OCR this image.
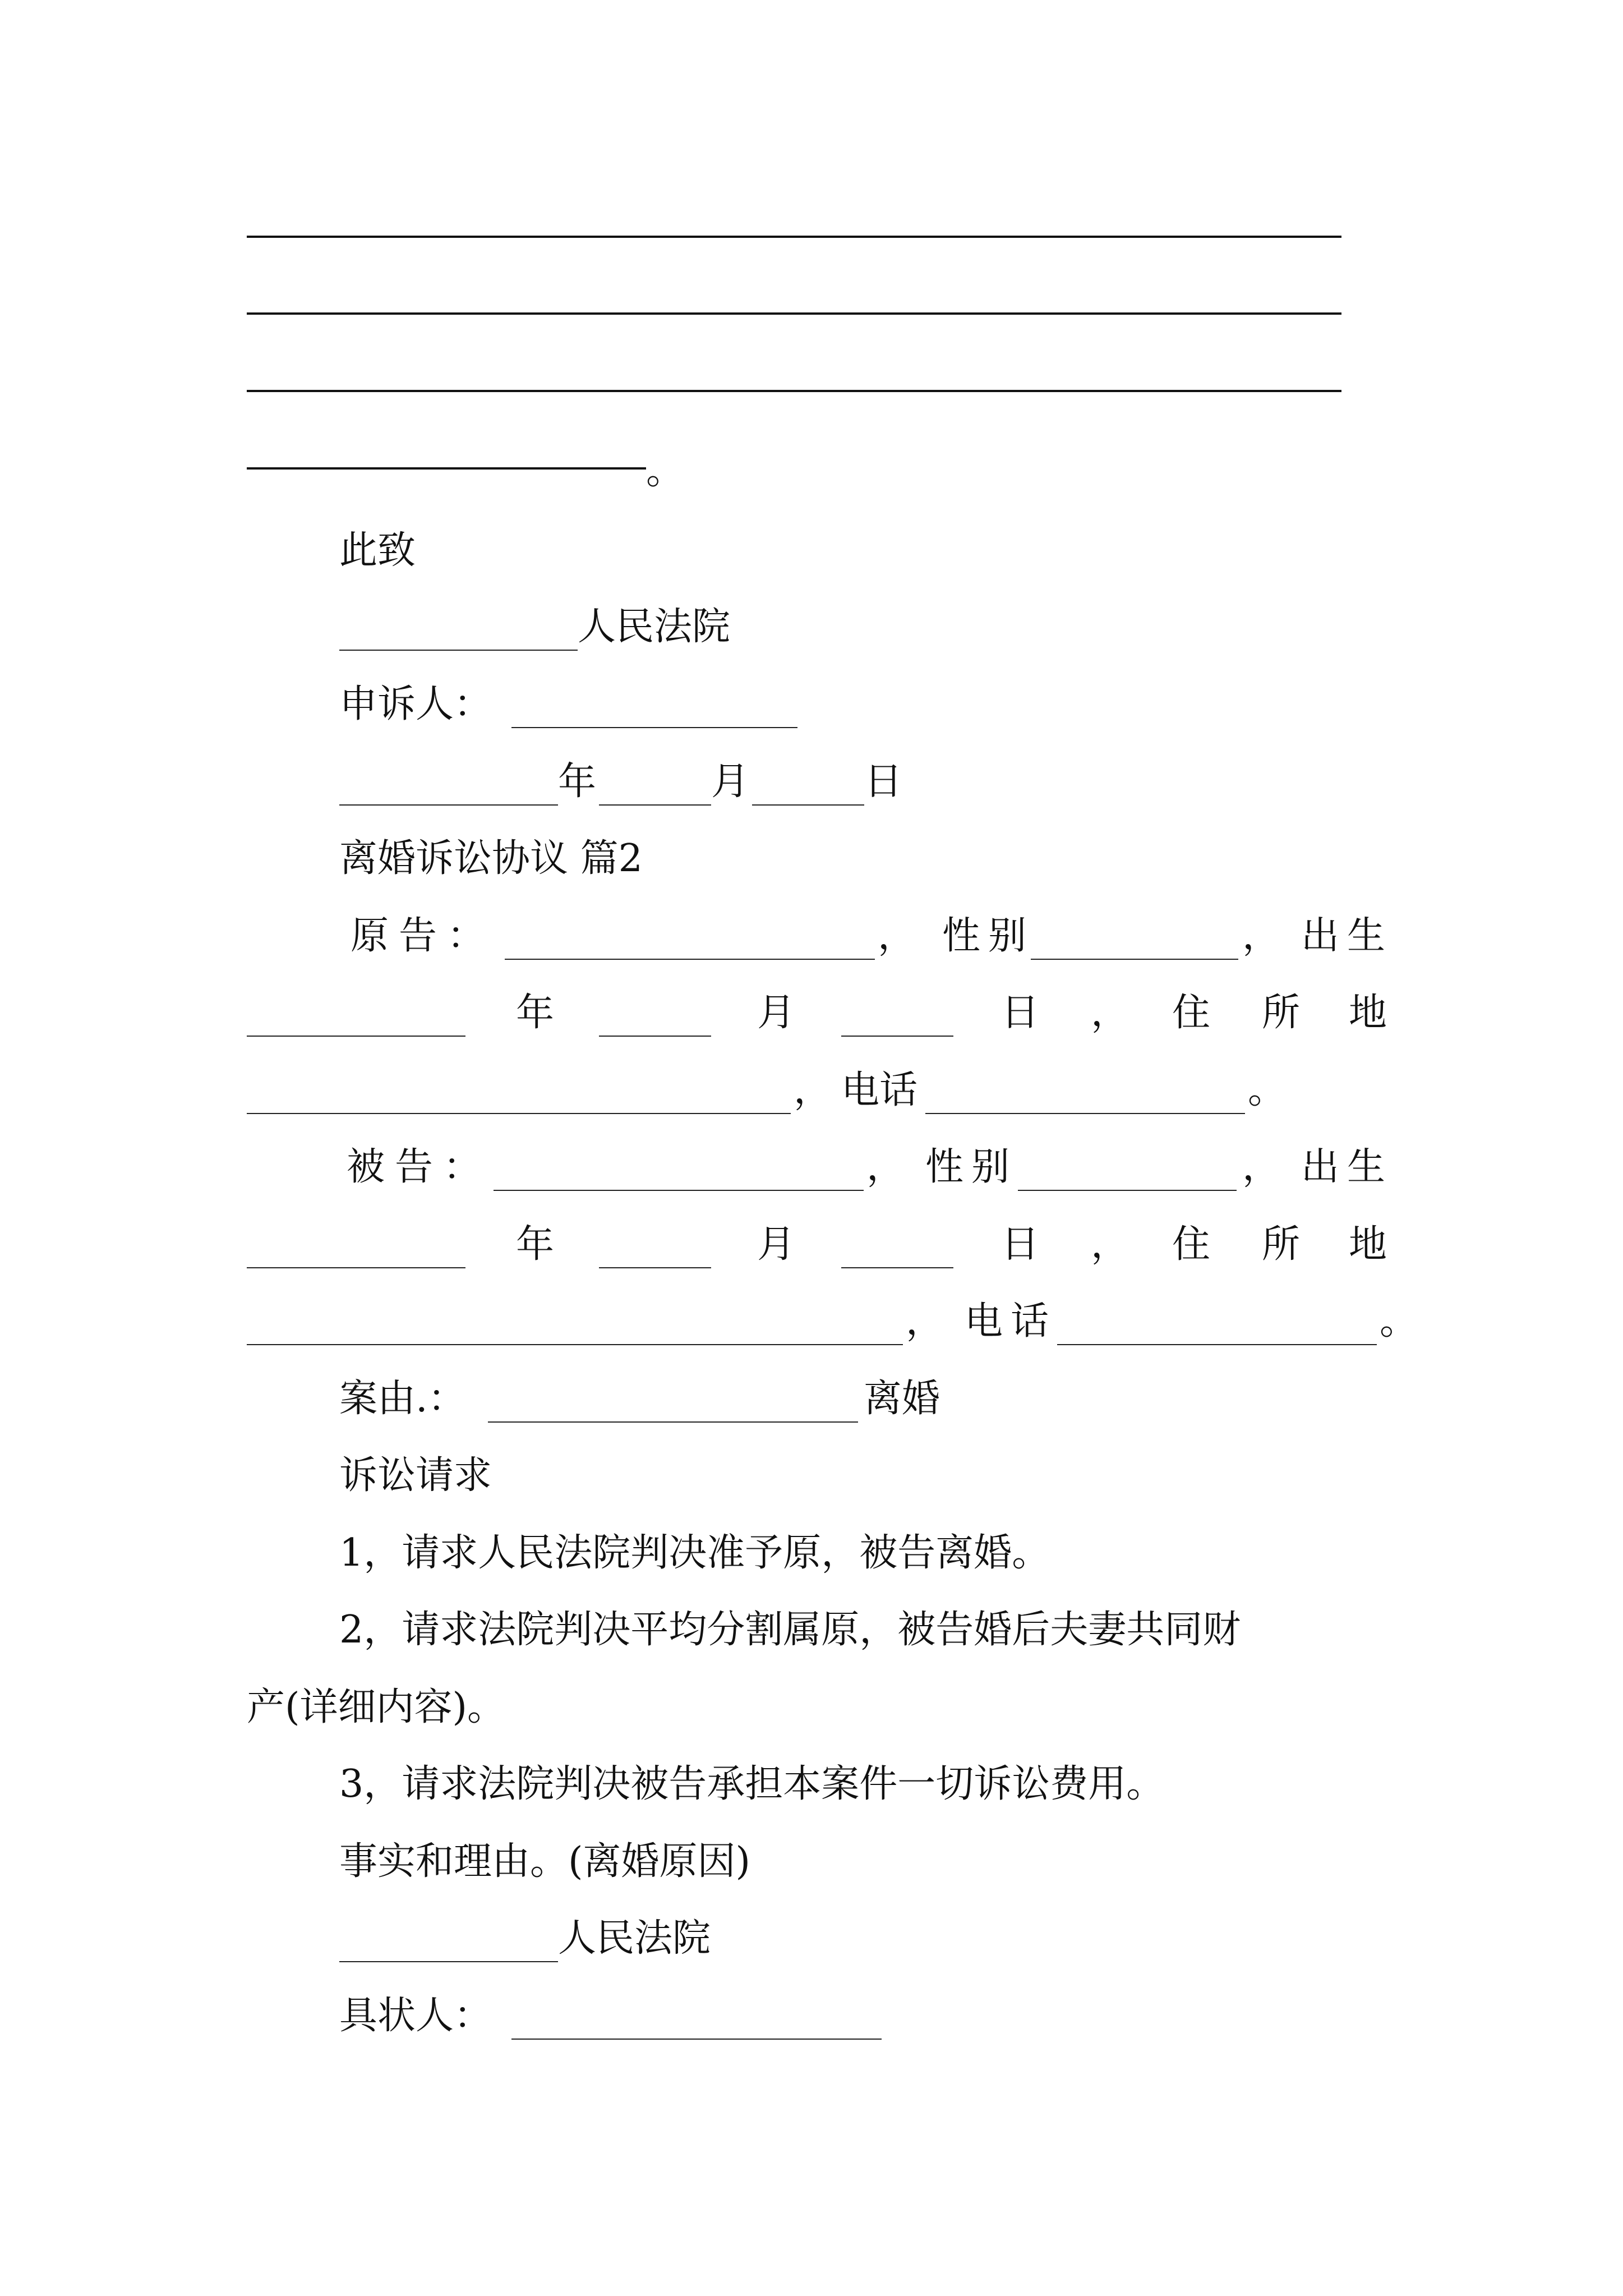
。
此致
人民法院
申诉人：
年	月	日
离婚诉讼协议 篇2
原告：	， 性别	， 出生
年	月	日 ， 住 所 地
， 电话	。
被告：	， 性别	， 出生
年	月	日 ， 住 所 地
， 电话	。
案由.：	离婚
诉讼请求
1，请求人民法院判决准予原，被告离婚。
2，请求法院判决平均分割属原，被告婚后夫妻共同财
产(详细内容)。
3，请求法院判决被告承担本案件一切诉讼费用。
事实和理由。(离婚原因)
人民法院
具状人：
